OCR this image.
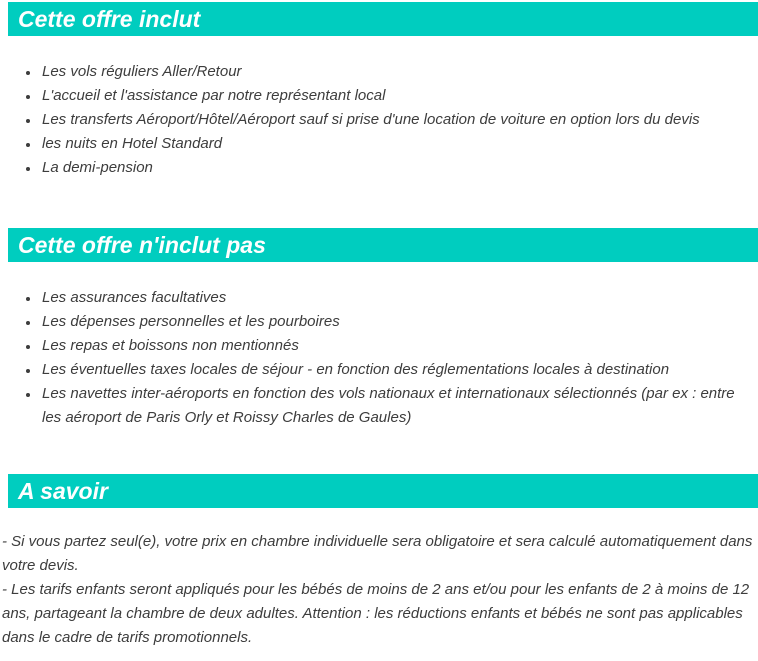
Cette offre inclut
• Les vols réguliers Aller/Retour
• L'accueil et l'assistance par notre représentant local
• Les transferts Aéroport/Hôtel/Aéroport sauf si prise d'une location de voiture en option lors du devis
• les nuits en Hotel Standard
• La demi-pension
Cette offre n'inclut pas
• Les assurances facultatives
• Les dépenses personnelles et les pourboires
• Les repas et boissons non mentionnés
• Les éventuelles taxes locales de séjour - en fonction des réglementations locales à destination
• Les navettes inter-aéroports en fonction des vols nationaux et internationaux sélectionnés (par ex : entre les aéroport de Paris Orly et Roissy Charles de Gaules)
A savoir

- Si vous partez seul(e), votre prix en chambre individuelle sera obligatoire et sera calculé automatiquement dans votre devis.

- Les tarifs enfants seront appliqués pour les bébés de moins de 2 ans et/ou pour les enfants de 2 à moins de 12 ans, partageant la chambre de deux adultes. Attention : les réductions enfants et bébés ne sont pas applicables dans le cadre de tarifs promotionnels.
